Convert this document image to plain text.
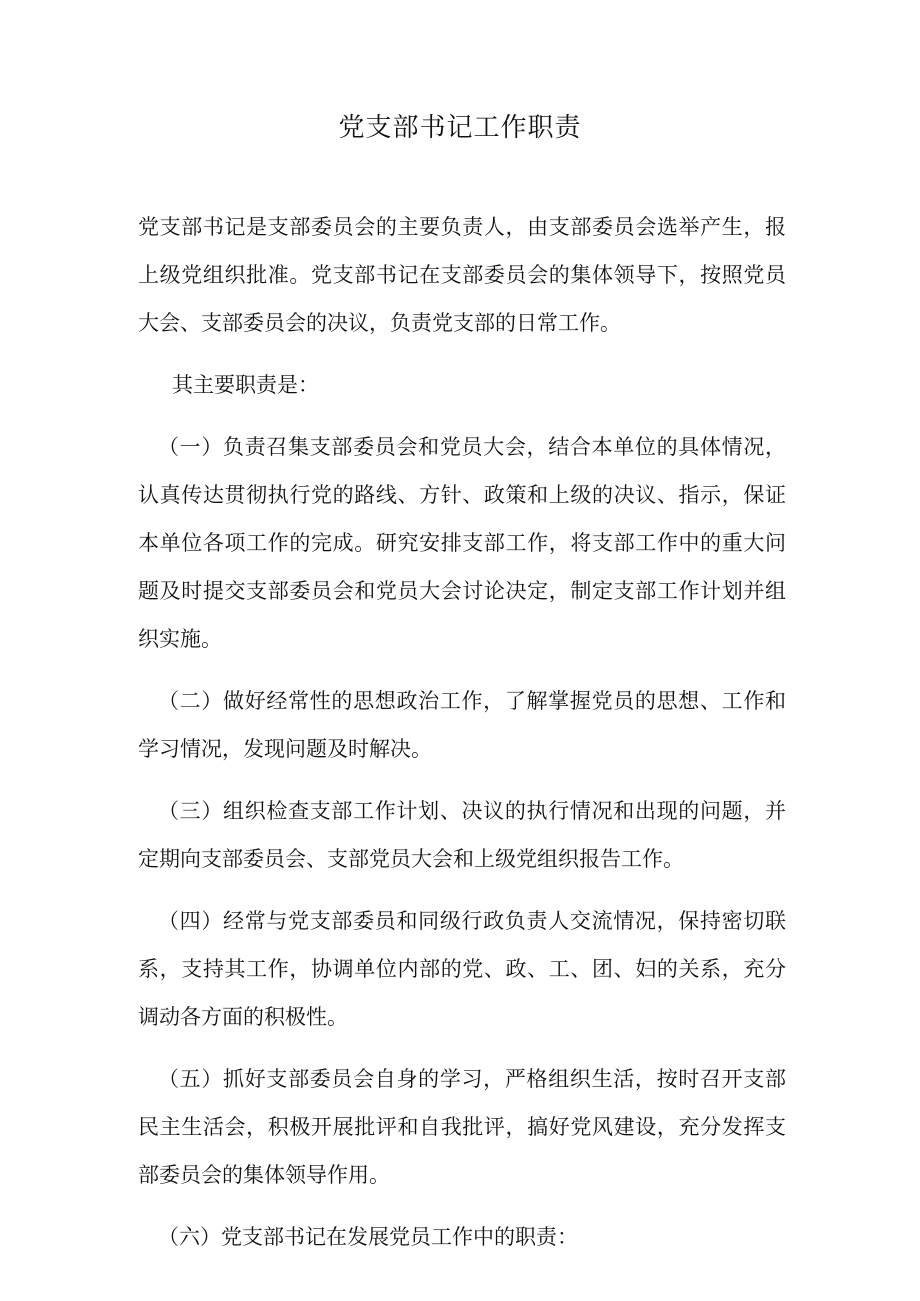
党支部书记工作职责

党支部书记是支部委员会的主要负责人，由支部委员会选举产生，报上级党组织批准。党支部书记在支部委员会的集体领导下，按照党员大会、支部委员会的决议，负责党支部的日常工作。

其主要职责是：

（一）负责召集支部委员会和党员大会，结合本单位的具体情况，认真传达贯彻执行党的路线、方针、政策和上级的决议、指示，保证本单位各项工作的完成。研究安排支部工作，将支部工作中的重大问题及时提交支部委员会和党员大会讨论决定，制定支部工作计划并组织实施。

（二）做好经常性的思想政治工作，了解掌握党员的思想、工作和学习情况，发现问题及时解决。

（三）组织检查支部工作计划、决议的执行情况和出现的问题，并定期向支部委员会、支部党员大会和上级党组织报告工作。

（四）经常与党支部委员和同级行政负责人交流情况，保持密切联系，支持其工作，协调单位内部的党、政、工、团、妇的关系，充分调动各方面的积极性。

（五）抓好支部委员会自身的学习，严格组织生活，按时召开支部民主生活会，积极开展批评和自我批评，搞好党风建设，充分发挥支部委员会的集体领导作用。

（六）党支部书记在发展党员工作中的职责：
